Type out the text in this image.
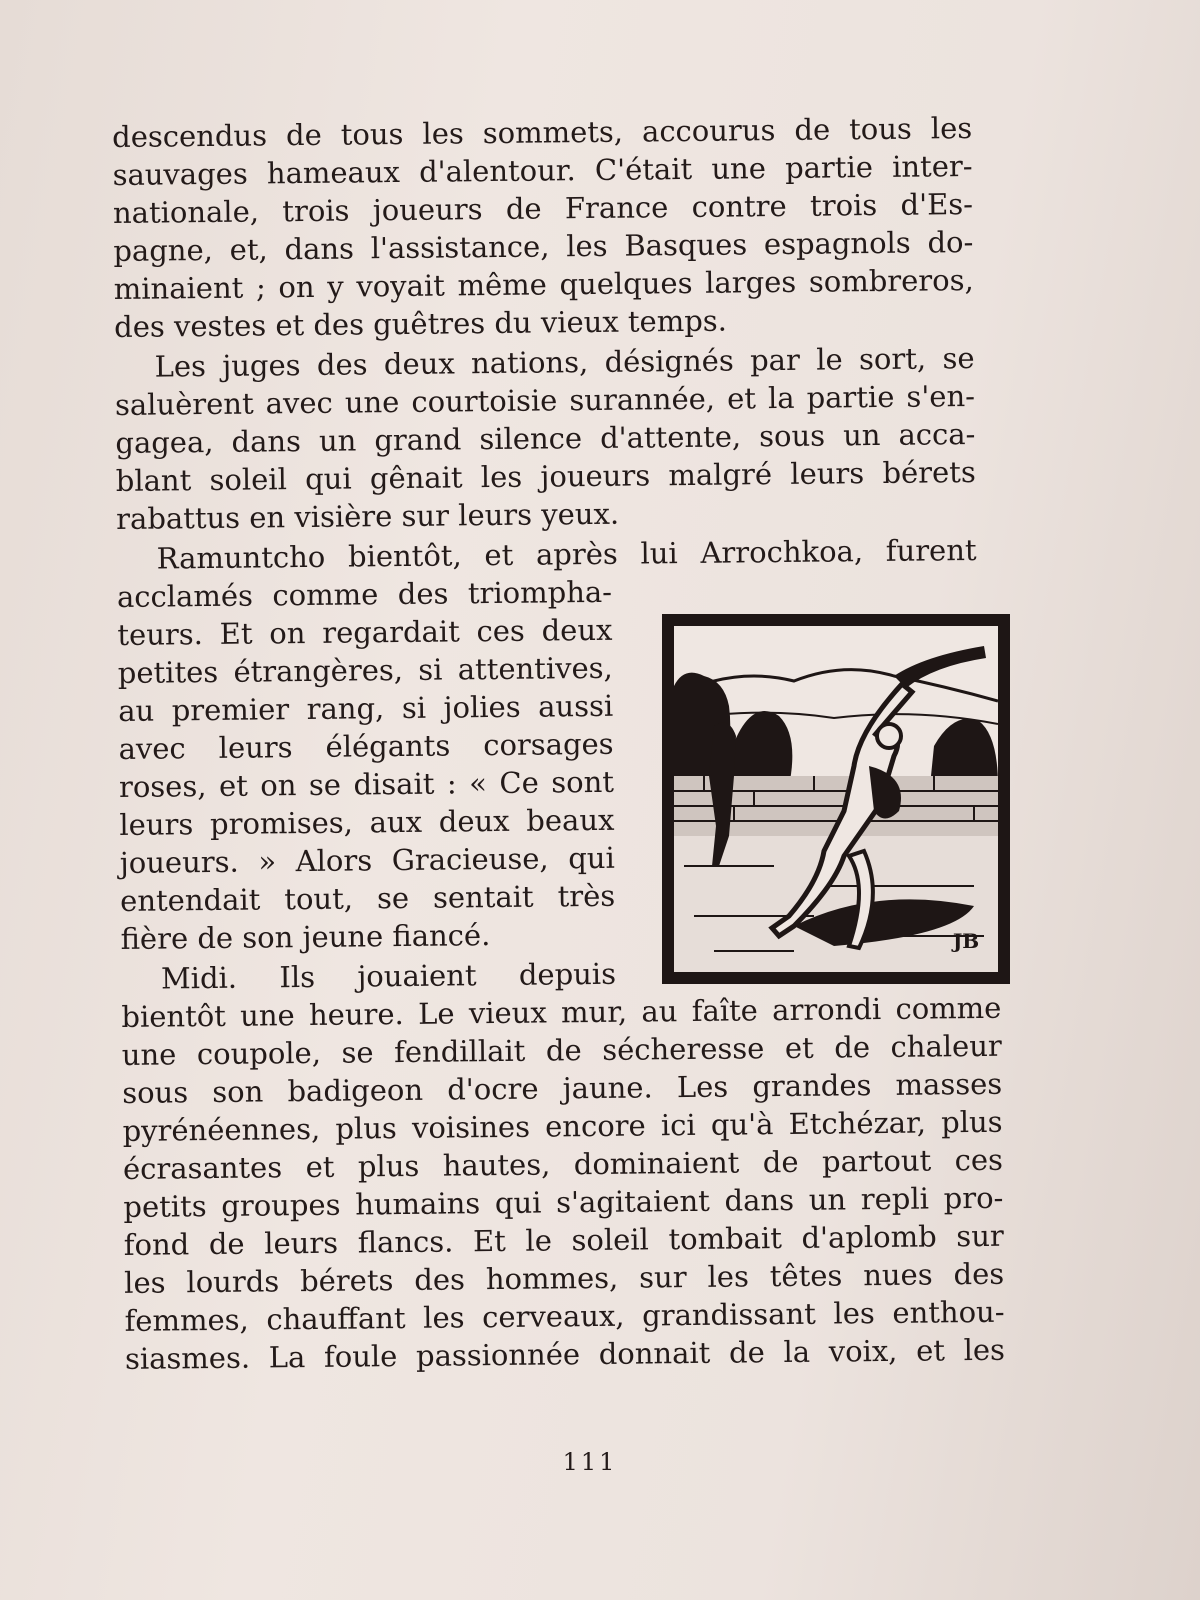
descendus de tous les sommets, accourus de tous les
sauvages hameaux d'alentour. C'était une partie inter-
nationale, trois joueurs de France contre trois d'Es-
pagne, et, dans l'assistance, les Basques espagnols do-
minaient ; on y voyait même quelques larges sombreros,
des vestes et des guêtres du vieux temps.
Les juges des deux nations, désignés par le sort, se
saluèrent avec une courtoisie surannée, et la partie s'en-
gagea, dans un grand silence d'attente, sous un acca-
blant soleil qui gênait les joueurs malgré leurs bérets
rabattus en visière sur leurs yeux.
Ramuntcho bientôt, et après lui Arrochkoa, furent
acclamés comme des triompha-
teurs. Et on regardait ces deux
petites étrangères, si attentives,
au premier rang, si jolies aussi
avec leurs élégants corsages
roses, et on se disait : « Ce sont
leurs promises, aux deux beaux
joueurs. » Alors Gracieuse, qui
entendait tout, se sentait très
fière de son jeune fiancé.
Midi. Ils jouaient depuis
bientôt une heure. Le vieux mur, au faîte arrondi comme
une coupole, se fendillait de sécheresse et de chaleur
sous son badigeon d'ocre jaune. Les grandes masses
pyrénéennes, plus voisines encore ici qu'à Etchézar, plus
écrasantes et plus hautes, dominaient de partout ces
petits groupes humains qui s'agitaient dans un repli pro-
fond de leurs flancs. Et le soleil tombait d'aplomb sur
les lourds bérets des hommes, sur les têtes nues des
femmes, chauffant les cerveaux, grandissant les enthou-
siasmes. La foule passionnée donnait de la voix, et les
JB
111
